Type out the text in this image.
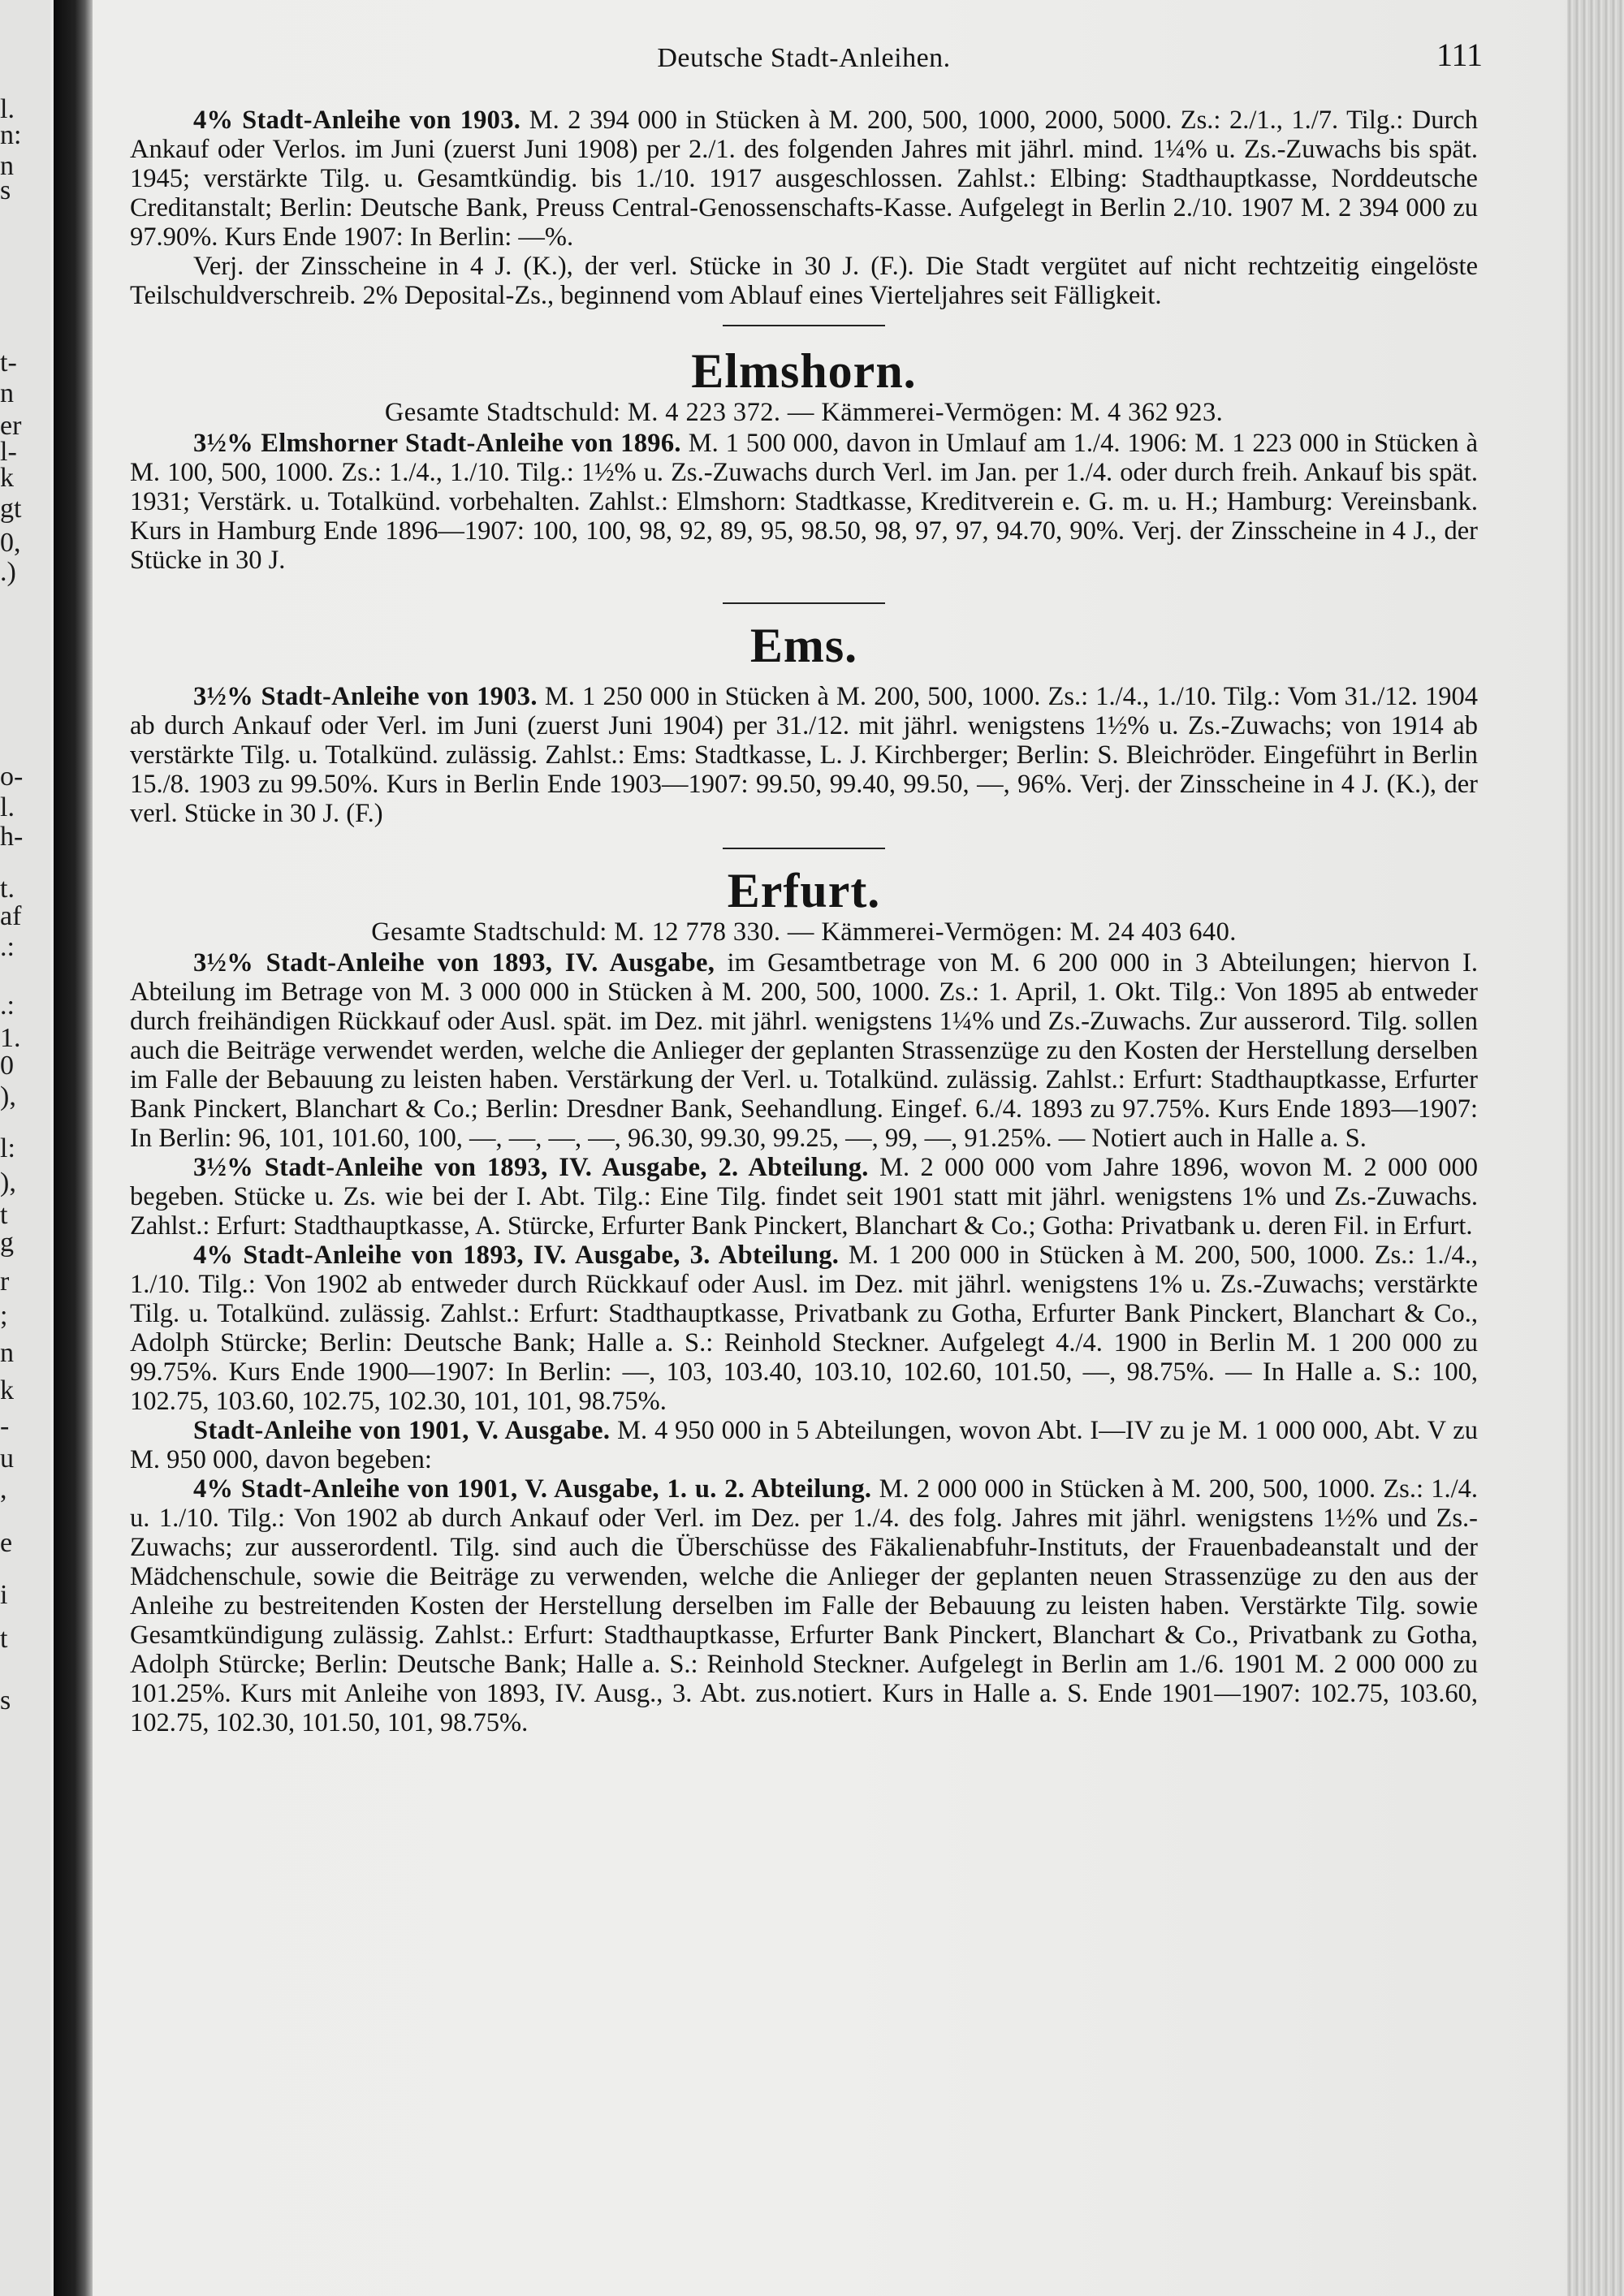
l.
n:
n
s
t-
n
er
l-
k
gt
0,
.)
o-
l.
h-
t.
af
.:
.:
1.
0
),
l:
),
t
g
r
;
n
k
-
u
,
e
i
t
s
Deutsche Stadt-Anleihen.	111

4% Stadt-Anleihe von 1903. M. 2 394 000 in Stücken à M. 200, 500, 1000, 2000, 5000. Zs.: 2./1., 1./7. Tilg.: Durch Ankauf oder Verlos. im Juni (zuerst Juni 1908) per 2./1. des folgenden Jahres mit jährl. mind. 1¼% u. Zs.-Zuwachs bis spät. 1945; verstärkte Tilg. u. Gesamtkündig. bis 1./10. 1917 ausgeschlossen. Zahlst.: Elbing: Stadthauptkasse, Norddeutsche Creditanstalt; Berlin: Deutsche Bank, Preuss Central-Genossenschafts-Kasse. Aufgelegt in Berlin 2./10. 1907 M. 2 394 000 zu 97.90%. Kurs Ende 1907: In Berlin: —%.

Verj. der Zinsscheine in 4 J. (K.), der verl. Stücke in 30 J. (F.). Die Stadt vergütet auf nicht rechtzeitig eingelöste Teilschuldverschreib. 2% Deposital-Zs., beginnend vom Ablauf eines Vierteljahres seit Fälligkeit.

Elmshorn.
Gesamte Stadtschuld: M. 4 223 372. — Kämmerei-Vermögen: M. 4 362 923.

3½% Elmshorner Stadt-Anleihe von 1896. M. 1 500 000, davon in Umlauf am 1./4. 1906: M. 1 223 000 in Stücken à M. 100, 500, 1000. Zs.: 1./4., 1./10. Tilg.: 1½% u. Zs.-Zuwachs durch Verl. im Jan. per 1./4. oder durch freih. Ankauf bis spät. 1931; Verstärk. u. Totalkünd. vorbehalten. Zahlst.: Elmshorn: Stadtkasse, Kreditverein e. G. m. u. H.; Hamburg: Vereinsbank. Kurs in Hamburg Ende 1896—1907: 100, 100, 98, 92, 89, 95, 98.50, 98, 97, 97, 94.70, 90%. Verj. der Zinsscheine in 4 J., der Stücke in 30 J.

Ems.

3½% Stadt-Anleihe von 1903. M. 1 250 000 in Stücken à M. 200, 500, 1000. Zs.: 1./4., 1./10. Tilg.: Vom 31./12. 1904 ab durch Ankauf oder Verl. im Juni (zuerst Juni 1904) per 31./12. mit jährl. wenigstens 1½% u. Zs.-Zuwachs; von 1914 ab verstärkte Tilg. u. Totalkünd. zulässig. Zahlst.: Ems: Stadtkasse, L. J. Kirchberger; Berlin: S. Bleichröder. Eingeführt in Berlin 15./8. 1903 zu 99.50%. Kurs in Berlin Ende 1903—1907: 99.50, 99.40, 99.50, —, 96%. Verj. der Zinsscheine in 4 J. (K.), der verl. Stücke in 30 J. (F.)

Erfurt.
Gesamte Stadtschuld: M. 12 778 330. — Kämmerei-Vermögen: M. 24 403 640.

3½% Stadt-Anleihe von 1893, IV. Ausgabe, im Gesamtbetrage von M. 6 200 000 in 3 Abteilungen; hiervon I. Abteilung im Betrage von M. 3 000 000 in Stücken à M. 200, 500, 1000. Zs.: 1. April, 1. Okt. Tilg.: Von 1895 ab entweder durch freihändigen Rückkauf oder Ausl. spät. im Dez. mit jährl. wenigstens 1¼% und Zs.-Zuwachs. Zur ausserord. Tilg. sollen auch die Beiträge verwendet werden, welche die Anlieger der geplanten Strassenzüge zu den Kosten der Herstellung derselben im Falle der Bebauung zu leisten haben. Verstärkung der Verl. u. Totalkünd. zulässig. Zahlst.: Erfurt: Stadthauptkasse, Erfurter Bank Pinckert, Blanchart & Co.; Berlin: Dresdner Bank, Seehandlung. Eingef. 6./4. 1893 zu 97.75%. Kurs Ende 1893—1907: In Berlin: 96, 101, 101.60, 100, —, —, —, —, 96.30, 99.30, 99.25, —, 99, —, 91.25%. — Notiert auch in Halle a. S.

3½% Stadt-Anleihe von 1893, IV. Ausgabe, 2. Abteilung. M. 2 000 000 vom Jahre 1896, wovon M. 2 000 000 begeben. Stücke u. Zs. wie bei der I. Abt. Tilg.: Eine Tilg. findet seit 1901 statt mit jährl. wenigstens 1% und Zs.-Zuwachs. Zahlst.: Erfurt: Stadthauptkasse, A. Stürcke, Erfurter Bank Pinckert, Blanchart & Co.; Gotha: Privatbank u. deren Fil. in Erfurt.

4% Stadt-Anleihe von 1893, IV. Ausgabe, 3. Abteilung. M. 1 200 000 in Stücken à M. 200, 500, 1000. Zs.: 1./4., 1./10. Tilg.: Von 1902 ab entweder durch Rückkauf oder Ausl. im Dez. mit jährl. wenigstens 1% u. Zs.-Zuwachs; verstärkte Tilg. u. Totalkünd. zulässig. Zahlst.: Erfurt: Stadthauptkasse, Privatbank zu Gotha, Erfurter Bank Pinckert, Blanchart & Co., Adolph Stürcke; Berlin: Deutsche Bank; Halle a. S.: Reinhold Steckner. Aufgelegt 4./4. 1900 in Berlin M. 1 200 000 zu 99.75%. Kurs Ende 1900—1907: In Berlin: —, 103, 103.40, 103.10, 102.60, 101.50, —, 98.75%. — In Halle a. S.: 100, 102.75, 103.60, 102.75, 102.30, 101, 101, 98.75%.

Stadt-Anleihe von 1901, V. Ausgabe. M. 4 950 000 in 5 Abteilungen, wovon Abt. I—IV zu je M. 1 000 000, Abt. V zu M. 950 000, davon begeben:

4% Stadt-Anleihe von 1901, V. Ausgabe, 1. u. 2. Abteilung. M. 2 000 000 in Stücken à M. 200, 500, 1000. Zs.: 1./4. u. 1./10. Tilg.: Von 1902 ab durch Ankauf oder Verl. im Dez. per 1./4. des folg. Jahres mit jährl. wenigstens 1½% und Zs.-Zuwachs; zur ausserordentl. Tilg. sind auch die Überschüsse des Fäkalienabfuhr-Instituts, der Frauenbadeanstalt und der Mädchenschule, sowie die Beiträge zu verwenden, welche die Anlieger der geplanten neuen Strassenzüge zu den aus der Anleihe zu bestreitenden Kosten der Herstellung derselben im Falle der Bebauung zu leisten haben. Verstärkte Tilg. sowie Gesamtkündigung zulässig. Zahlst.: Erfurt: Stadthauptkasse, Erfurter Bank Pinckert, Blanchart & Co., Privatbank zu Gotha, Adolph Stürcke; Berlin: Deutsche Bank; Halle a. S.: Reinhold Steckner. Aufgelegt in Berlin am 1./6. 1901 M. 2 000 000 zu 101.25%. Kurs mit Anleihe von 1893, IV. Ausg., 3. Abt. zus.notiert. Kurs in Halle a. S. Ende 1901—1907: 102.75, 103.60, 102.75, 102.30, 101.50, 101, 98.75%.
